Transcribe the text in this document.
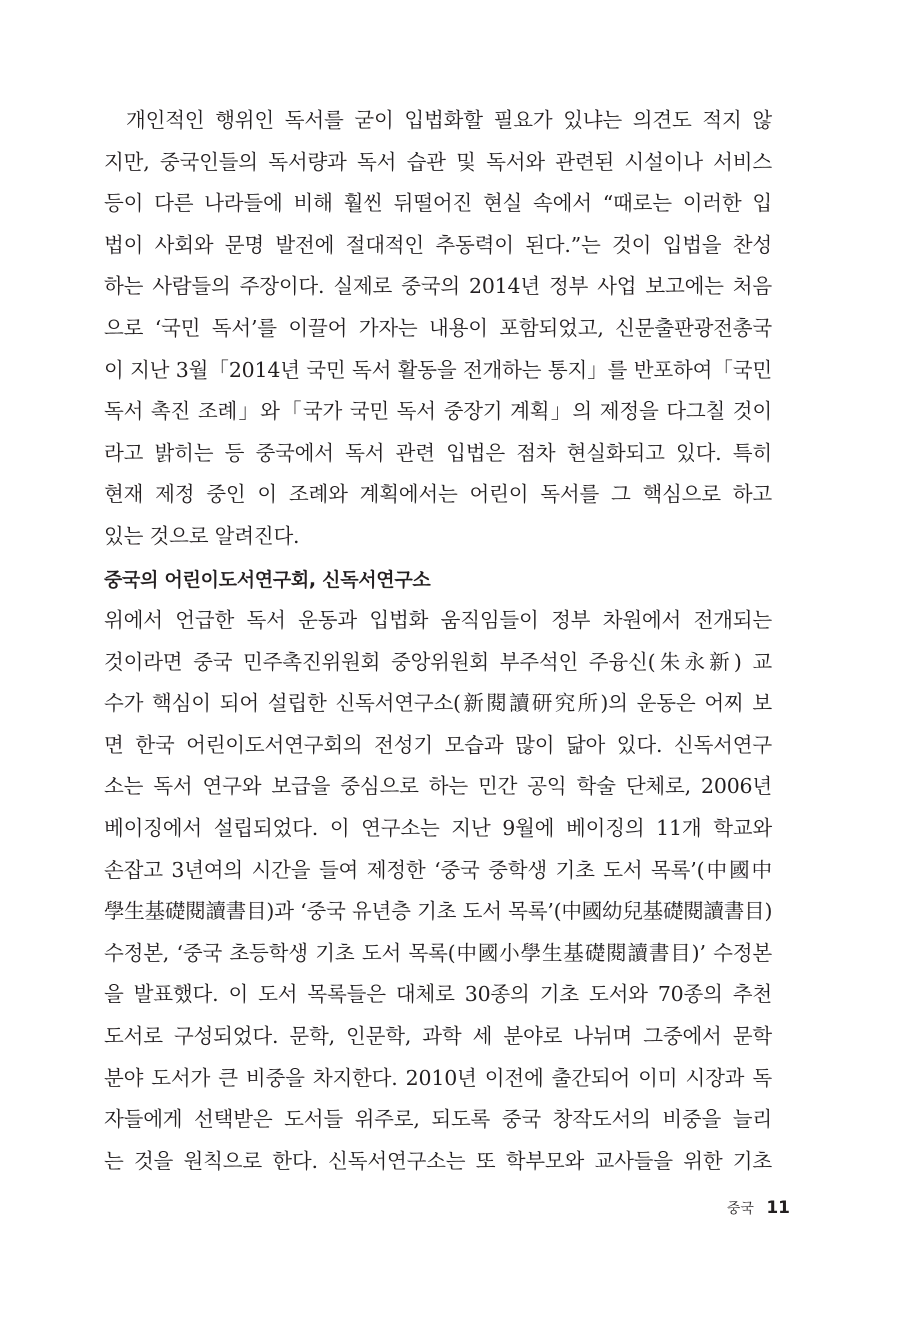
개인적인 행위인 독서를 굳이 입법화할 필요가 있냐는 의견도 적지 않
지만, 중국인들의 독서량과 독서 습관 및 독서와 관련된 시설이나 서비스
등이 다른 나라들에 비해 훨씬 뒤떨어진 현실 속에서 “때로는 이러한 입
법이 사회와 문명 발전에 절대적인 추동력이 된다.”는 것이 입법을 찬성
하는 사람들의 주장이다. 실제로 중국의 2014년 정부 사업 보고에는 처음
으로 ‘국민 독서’를 이끌어 가자는 내용이 포함되었고, 신문출판광전총국
이 지난 3월「2014년 국민 독서 활동을 전개하는 통지」를 반포하여「국민
독서 촉진 조례」와「국가 국민 독서 중장기 계획」의 제정을 다그칠 것이
라고 밝히는 등 중국에서 독서 관련 입법은 점차 현실화되고 있다. 특히
현재 제정 중인 이 조례와 계획에서는 어린이 독서를 그 핵심으로 하고
있는 것으로 알려진다.
중국의 어린이도서연구회, 신독서연구소
위에서 언급한 독서 운동과 입법화 움직임들이 정부 차원에서 전개되는
것이라면 중국 민주촉진위원회 중앙위원회 부주석인 주융신(朱永新) 교
수가 핵심이 되어 설립한 신독서연구소(新閱讀研究所)의 운동은 어찌 보
면 한국 어린이도서연구회의 전성기 모습과 많이 닮아 있다. 신독서연구
소는 독서 연구와 보급을 중심으로 하는 민간 공익 학술 단체로, 2006년
베이징에서 설립되었다. 이 연구소는 지난 9월에 베이징의 11개 학교와
손잡고 3년여의 시간을 들여 제정한 ‘중국 중학생 기초 도서 목록’(中國中
學生基礎閱讀書目)과 ‘중국 유년층 기초 도서 목록’(中國幼兒基礎閱讀書目)
수정본, ‘중국 초등학생 기초 도서 목록(中國小學生基礎閱讀書目)’ 수정본
을 발표했다. 이 도서 목록들은 대체로 30종의 기초 도서와 70종의 추천
도서로 구성되었다. 문학, 인문학, 과학 세 분야로 나뉘며 그중에서 문학
분야 도서가 큰 비중을 차지한다. 2010년 이전에 출간되어 이미 시장과 독
자들에게 선택받은 도서들 위주로, 되도록 중국 창작도서의 비중을 늘리
는 것을 원칙으로 한다. 신독서연구소는 또 학부모와 교사들을 위한 기초
중국 11
